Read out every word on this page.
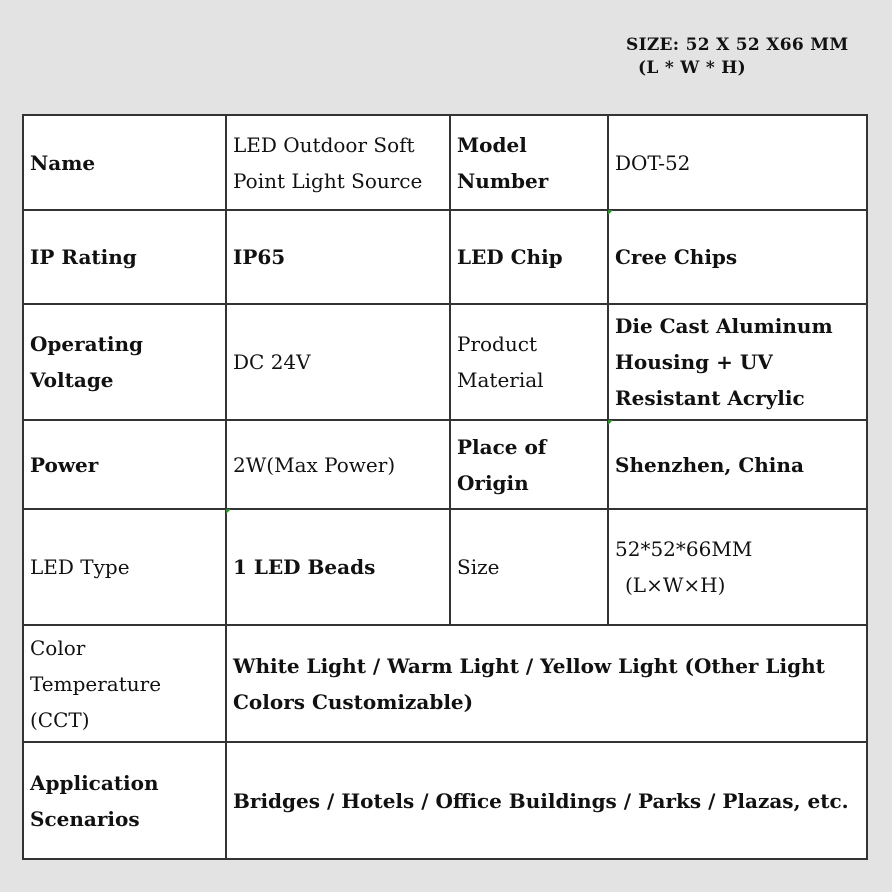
SIZE: 52 X 52 X66 MM
(L * W * H)
Name	LED Outdoor Soft Point Light Source	Model Number	DOT-52
IP Rating	IP65	LED Chip	Cree Chips
Operating Voltage	DC 24V	Product Material	Die Cast Aluminum Housing + UV Resistant Acrylic
Power	2W(Max Power)	Place of Origin	Shenzhen, China
LED Type	1 LED Beads	Size	52*52*66MM
(L×W×H)
Color Temperature (CCT)	White Light / Warm Light / Yellow Light (Other Light Colors Customizable)		
Application Scenarios	Bridges / Hotels / Office Buildings / Parks / Plazas, etc.		
